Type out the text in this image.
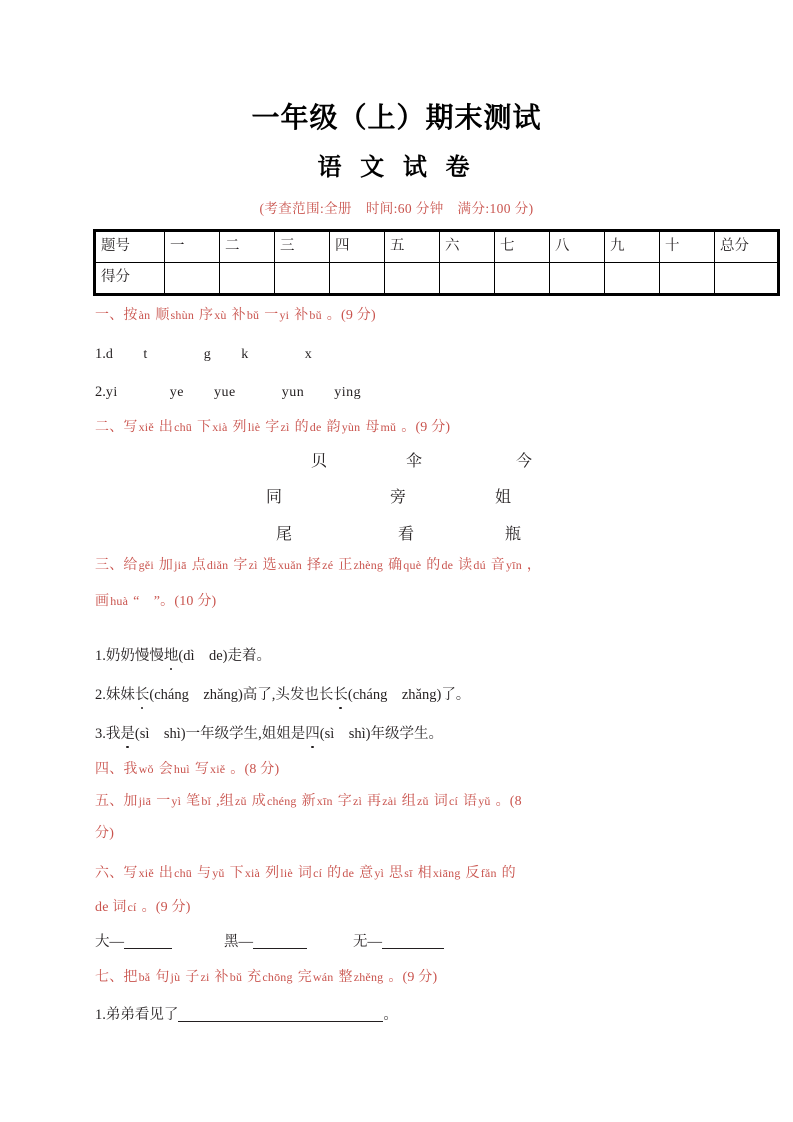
一年级（上）期末测试
语 文 试 卷
(考查范围:全册　时间:60 分钟　满分:100 分)
题号	一	二	三	四	五	六	七	八	九	十	总分
得分											
一、按àn 顺shùn 序xù 补bǔ 一yi 补bǔ 。(9 分)
1.d t	g k	x
2.yi	ye yue	yun ying
二、写xiě 出chū 下xià 列liè 字zì 的de 韵yùn 母mǔ 。(9 分)
贝	伞	今
同	旁	姐
尾	看	瓶
三、给gěi 加jiā 点diǎn 字zì 选xuǎn 择zé 正zhèng 确què 的de 读dú 音yīn ，
画huà “　”。(10 分)
1.奶奶慢慢地(dì　de)走着。
2.妹妹长(cháng　zhǎng)高了,头发也长长(cháng　zhǎng)了。
3.我是(sì　shì)一年级学生,姐姐是四(sì　shì)年级学生。
四、我wǒ 会huì 写xiě 。(8 分)
五、加jiā 一yì 笔bǐ ,组zǔ 成chéng 新xīn 字zì 再zài 组zǔ 词cí 语yǔ 。(8
分)
六、写xiě 出chū 与yǔ 下xià 列liè 词cí 的de 意yì 思sī 相xiāng 反fǎn 的
de 词cí 。(9 分)
大—	黑—	无—
七、把bǎ 句jù 子zi 补bǔ 充chōng 完wán 整zhěng 。(9 分)
1.弟弟看见了	。
